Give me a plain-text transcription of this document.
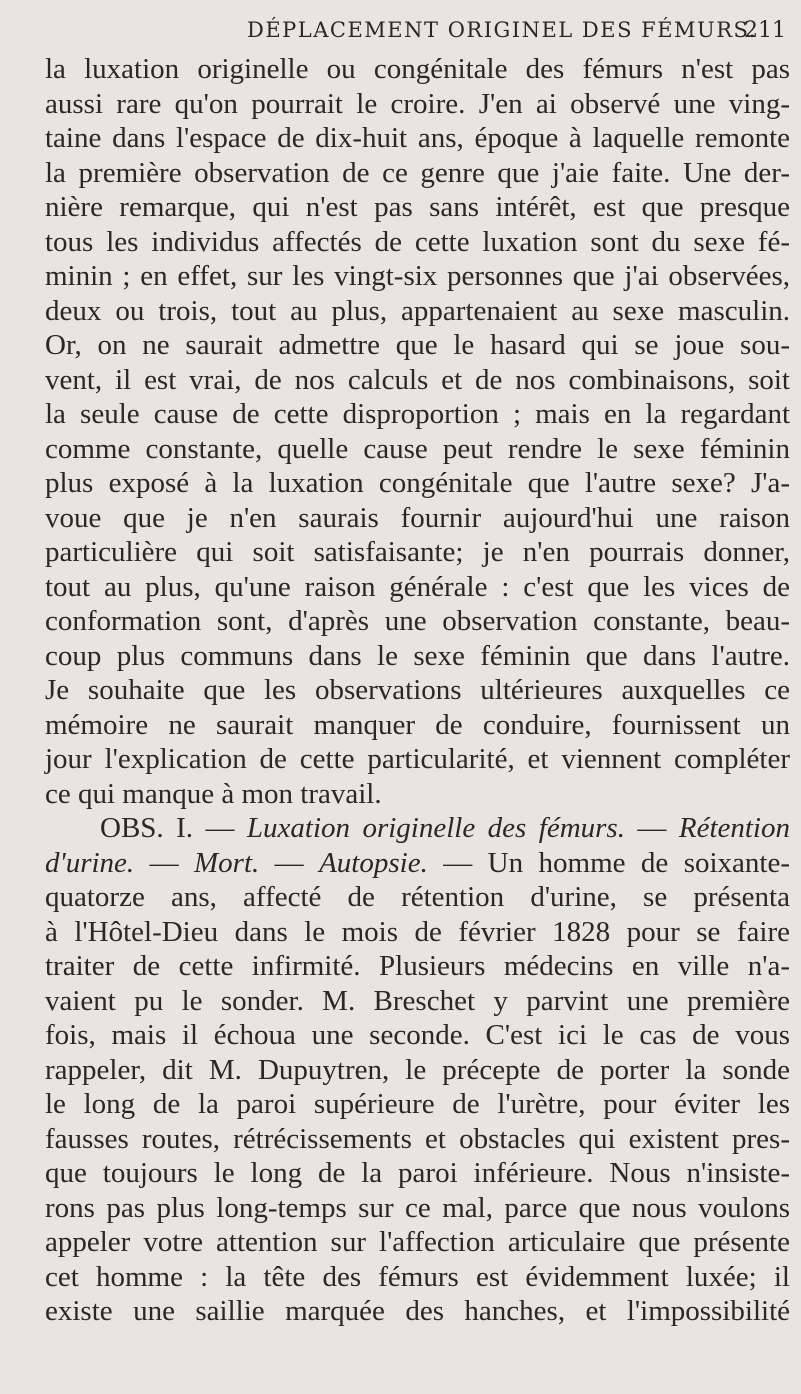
DÉPLACEMENT ORIGINEL DES FÉMURS.
211
la luxation originelle ou congénitale des fémurs n'est pas
aussi rare qu'on pourrait le croire. J'en ai observé une ving-
taine dans l'espace de dix-huit ans, époque à laquelle remonte
la première observation de ce genre que j'aie faite. Une der-
nière remarque, qui n'est pas sans intérêt, est que presque
tous les individus affectés de cette luxation sont du sexe fé-
minin ; en effet, sur les vingt-six personnes que j'ai observées,
deux ou trois, tout au plus, appartenaient au sexe masculin.
Or, on ne saurait admettre que le hasard qui se joue sou-
vent, il est vrai, de nos calculs et de nos combinaisons, soit
la seule cause de cette disproportion ; mais en la regardant
comme constante, quelle cause peut rendre le sexe féminin
plus exposé à la luxation congénitale que l'autre sexe? J'a-
voue que je n'en saurais fournir aujourd'hui une raison
particulière qui soit satisfaisante; je n'en pourrais donner,
tout au plus, qu'une raison générale : c'est que les vices de
conformation sont, d'après une observation constante, beau-
coup plus communs dans le sexe féminin que dans l'autre.
Je souhaite que les observations ultérieures auxquelles ce
mémoire ne saurait manquer de conduire, fournissent un
jour l'explication de cette particularité, et viennent compléter
ce qui manque à mon travail.
OBS. I. — Luxation originelle des fémurs. — Rétention
d'urine. — Mort. — Autopsie. — Un homme de soixante-
quatorze ans, affecté de rétention d'urine, se présenta
à l'Hôtel-Dieu dans le mois de février 1828 pour se faire
traiter de cette infirmité. Plusieurs médecins en ville n'a-
vaient pu le sonder. M. Breschet y parvint une première
fois, mais il échoua une seconde. C'est ici le cas de vous
rappeler, dit M. Dupuytren, le précepte de porter la sonde
le long de la paroi supérieure de l'urètre, pour éviter les
fausses routes, rétrécissements et obstacles qui existent pres-
que toujours le long de la paroi inférieure. Nous n'insiste-
rons pas plus long-temps sur ce mal, parce que nous voulons
appeler votre attention sur l'affection articulaire que présente
cet homme : la tête des fémurs est évidemment luxée; il
existe une saillie marquée des hanches, et l'impossibilité
